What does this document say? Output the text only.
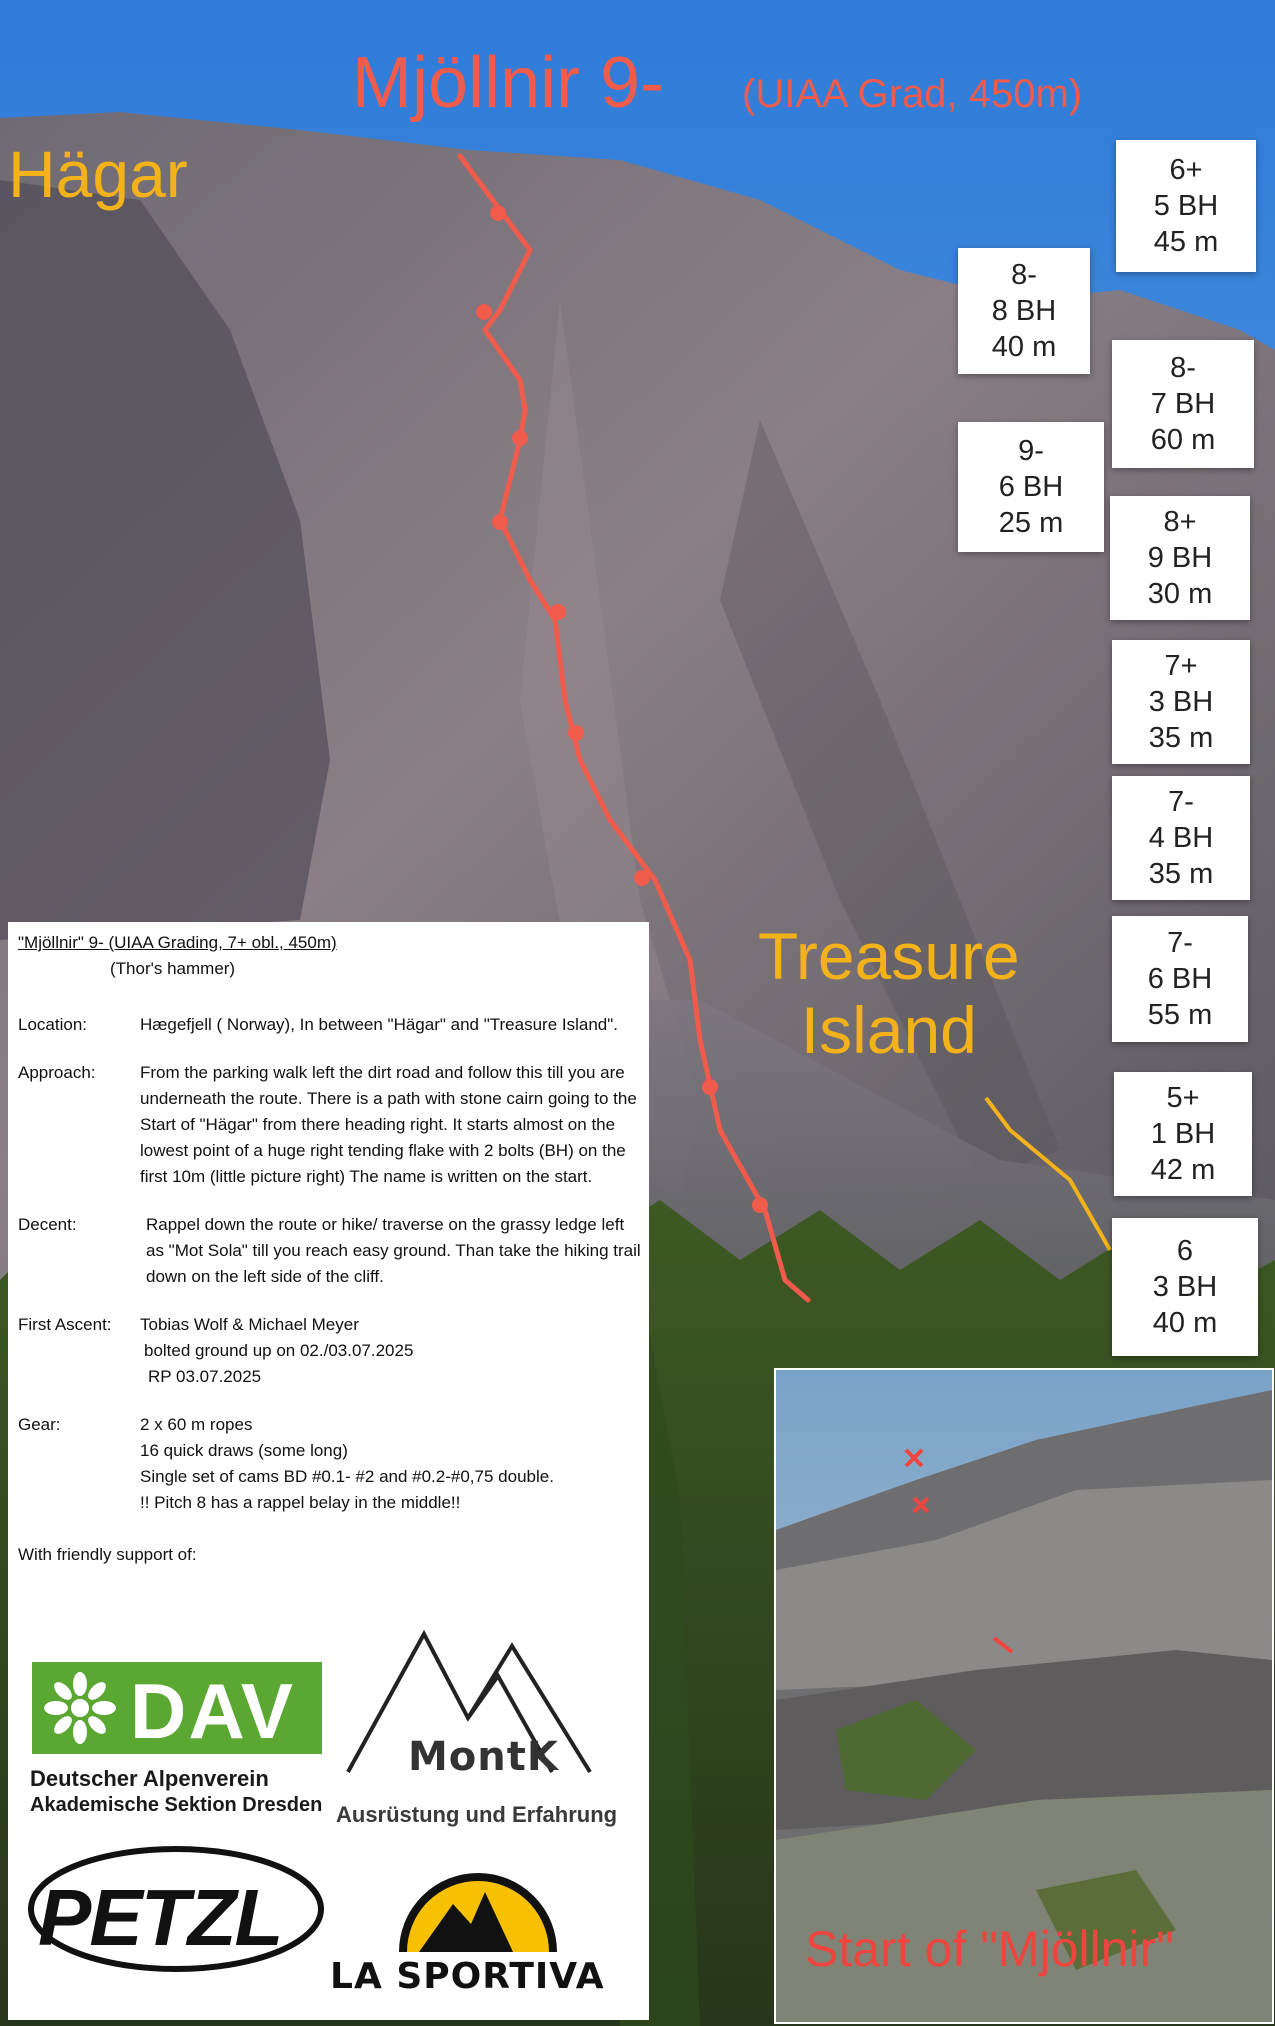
Mjöllnir 9- (UIAA Grad, 450m)
Hägar
Treasure
Island
6+
5 BH
45 m
8-
8 BH
40 m
8-
7 BH
60 m
9-
6 BH
25 m	8+
9 BH
30 m
7+
3 BH
35 m
7-
4 BH
35 m
7-
6 BH
55 m
5+
1 BH
42 m
6
3 BH
40 m
"Mjöllnir" 9- (UIAA Grading, 7+ obl., 450m)
(Thor's hammer)
Location:	Hægefjell ( Norway), In between "Hägar" and "Treasure Island".
Approach:	From the parking walk left the dirt road and follow this till you are underneath the route. There is a path with stone cairn going to the Start of "Hägar" from there heading right. It starts almost on the lowest point of a huge right tending flake with 2 bolts (BH) on the first 10m (little picture right) The name is written on the start.
Decent:	Rappel down the route or hike/ traverse on the grassy ledge left as "Mot Sola" till you reach easy ground. Than take the hiking trail down on the left side of the cliff.
First Ascent:	Tobias Wolf & Michael Meyer
bolted ground up on 02./03.07.2025
RP 03.07.2025
Gear:	2 x 60 m ropes
16 quick draws (some long)
Single set of cams BD #0.1- #2 and #0.2-#0,75 double.
!! Pitch 8 has a rappel belay in the middle!!
With friendly support of:
DAV
Deutscher Alpenverein
Akademische Sektion Dresden
MontK
Ausrüstung und Erfahrung
PETZL
LA SPORTIVA	Start of "Mjöllnir"
